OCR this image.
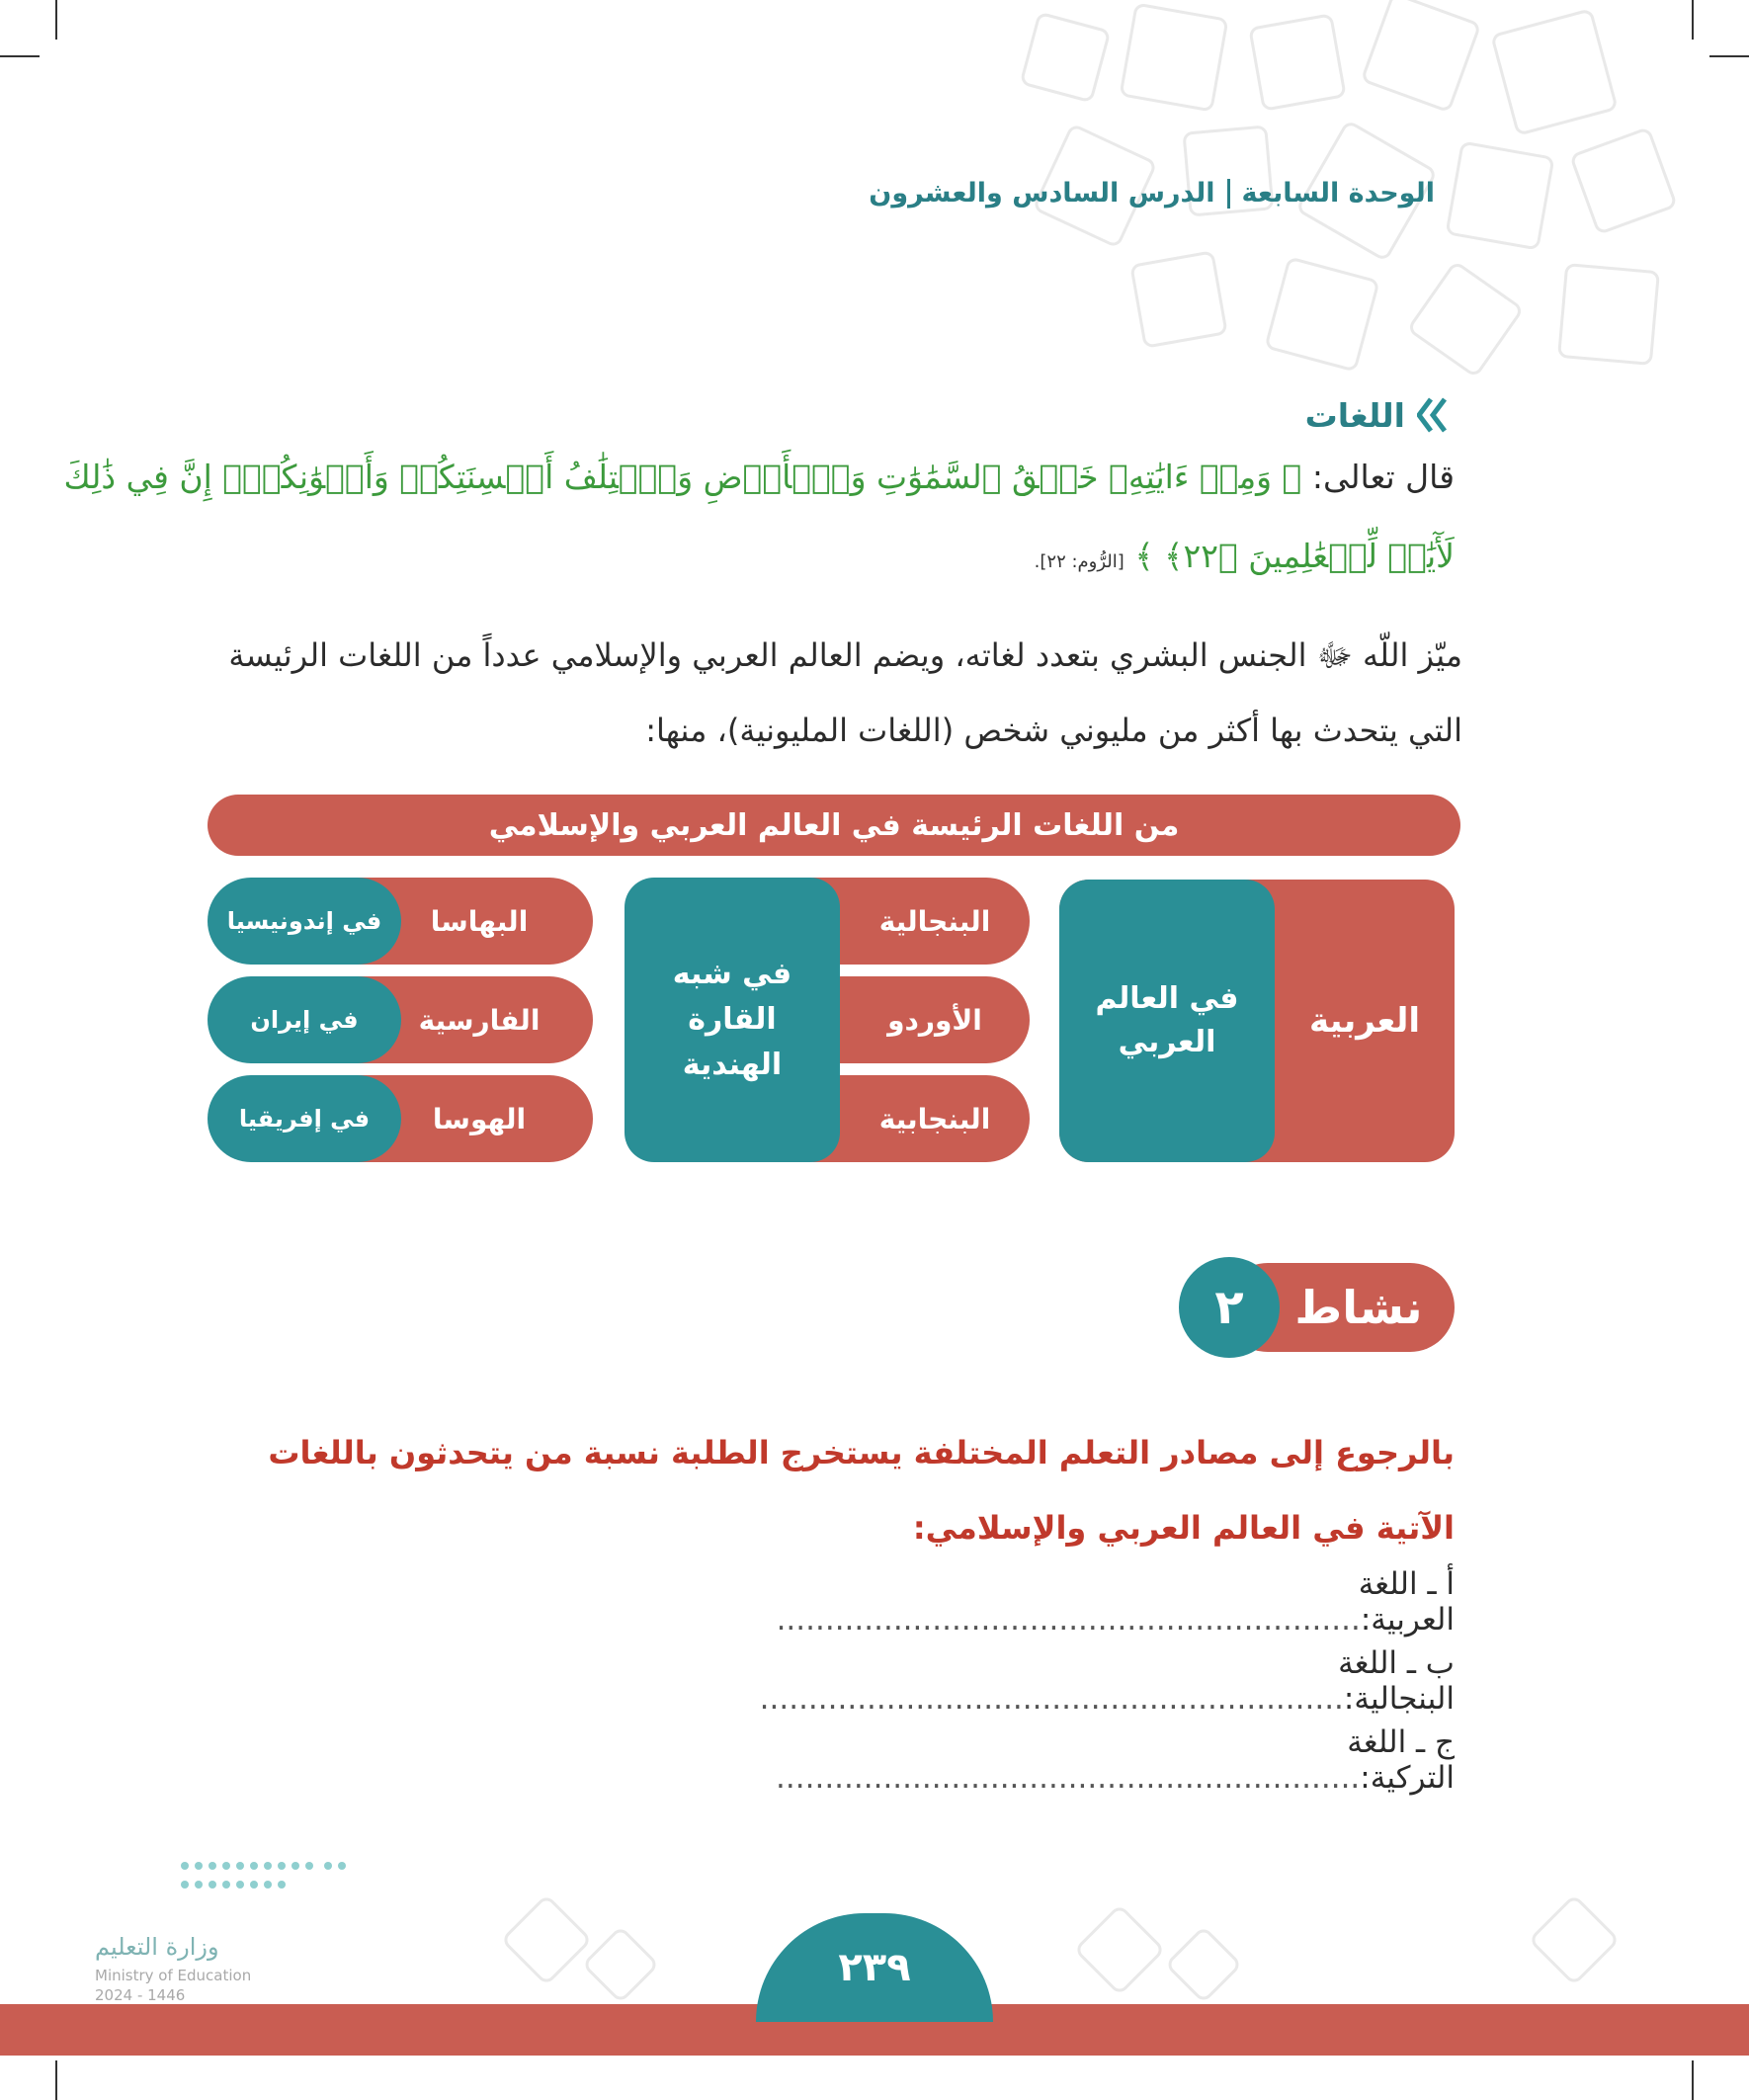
الوحدة السابعة
الدرس السادس والعشرون
اللغات
قال تعالى: ﴿ وَمِنۡ ءَايَٰتِهِۦ خَلۡقُ ٱلسَّمَٰوَٰتِ وَٱلۡأَرۡضِ وَٱخۡتِلَٰفُ أَلۡسِنَتِكُمۡ وَأَلۡوَٰنِكُمۡۚ إِنَّ فِي ذَٰلِكَ
لَأٓيَٰتٖ لِّلۡعَٰلِمِينَ ﴿٢٢﴾ ﴾ [الرُّوم: ٢٢].
ميّز اللّه ﷻ الجنس البشري بتعدد لغاته، ويضم العالم العربي والإسلامي عدداً من اللغات الرئيسة التي يتحدث بها أكثر من مليوني شخص (اللغات المليونية)، منها:
من اللغات الرئيسة في العالم العربي والإسلامي
العربية
في العالم العربي
البنجالية
الأوردو
البنجابية
في شبه القارة الهندية
البهاسا
في إندونيسيا
الفارسية
في إيران
الهوسا
في إفريقيا
نشاط
٢
بالرجوع إلى مصادر التعلم المختلفة يستخرج الطلبة نسبة من يتحدثون باللغات الآتية في العالم العربي والإسلامي:
أ ـ اللغة العربية:............................................................
ب ـ اللغة البنجالية:............................................................
ج ـ اللغة التركية:............................................................

وزارة التعليم
Ministry of Education
2024 - 1446
٢٣٩
